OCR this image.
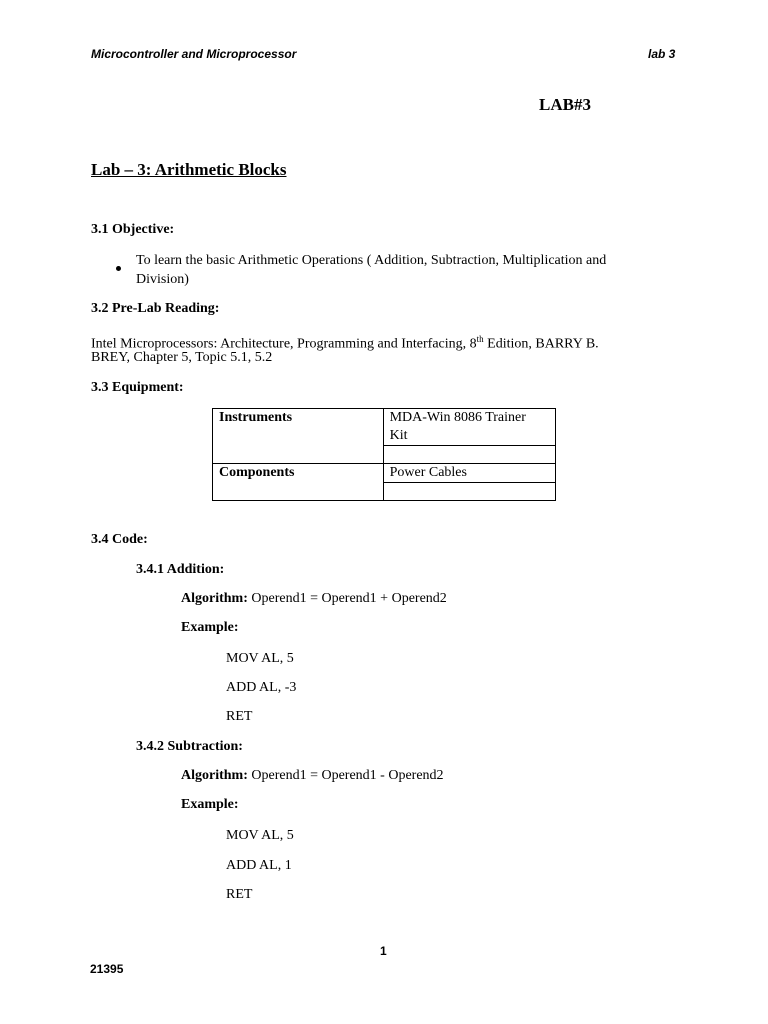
Microcontroller and Microprocessor	lab 3
LAB#3
Lab – 3: Arithmetic Blocks
3.1 Objective:
To learn the basic Arithmetic Operations ( Addition, Subtraction, Multiplication and
Division)
3.2 Pre-Lab Reading:
Intel Microprocessors: Architecture, Programming and Interfacing, 8th Edition, BARRY B.
BREY, Chapter 5, Topic 5.1, 5.2
3.3 Equipment:
Instruments	MDA-Win 8086 Trainer
Kit

Components	Power Cables

3.4 Code:
3.4.1 Addition:
Algorithm: Operend1 = Operend1 + Operend2
Example:
MOV AL, 5
ADD AL, -3
RET
3.4.2 Subtraction:
Algorithm: Operend1 = Operend1 - Operend2
Example:
MOV AL, 5
ADD AL, 1
RET
1
21395
